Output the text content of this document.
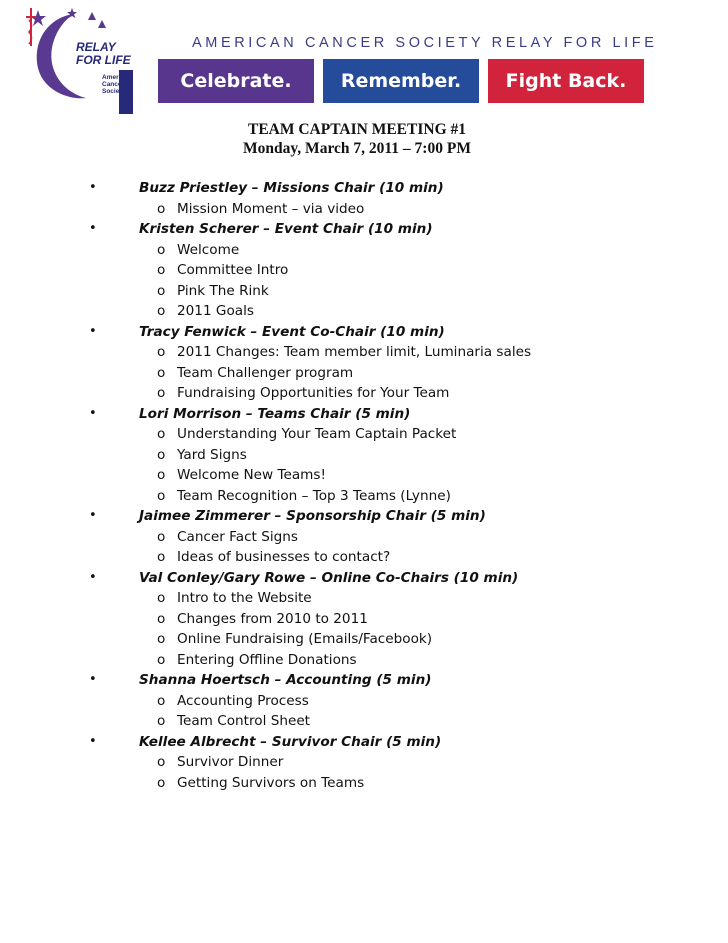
RELAY
FOR LIFE
American
Cancer
Society
AMERICAN CANCER SOCIETY RELAY FOR LIFE
Celebrate.	Remember.	Fight Back.
TEAM CAPTAIN MEETING #1
Monday, March 7, 2011 – 7:00 PM
•	Buzz Priestley – Missions Chair (10 min)
o Mission Moment – via video
•	Kristen Scherer – Event Chair (10 min)
o Welcome
o Committee Intro
o Pink The Rink
o 2011 Goals
•	Tracy Fenwick – Event Co-Chair (10 min)
o 2011 Changes: Team member limit, Luminaria sales
o Team Challenger program
o Fundraising Opportunities for Your Team
•	Lori Morrison – Teams Chair (5 min)
o Understanding Your Team Captain Packet
o Yard Signs
o Welcome New Teams!
o Team Recognition – Top 3 Teams (Lynne)
•	Jaimee Zimmerer – Sponsorship Chair (5 min)
o Cancer Fact Signs
o Ideas of businesses to contact?
•	Val Conley/Gary Rowe – Online Co-Chairs (10 min)
o Intro to the Website
o Changes from 2010 to 2011
o Online Fundraising (Emails/Facebook)
o Entering Offline Donations
•	Shanna Hoertsch – Accounting (5 min)
o Accounting Process
o Team Control Sheet
•	Kellee Albrecht – Survivor Chair (5 min)
o Survivor Dinner
o Getting Survivors on Teams
